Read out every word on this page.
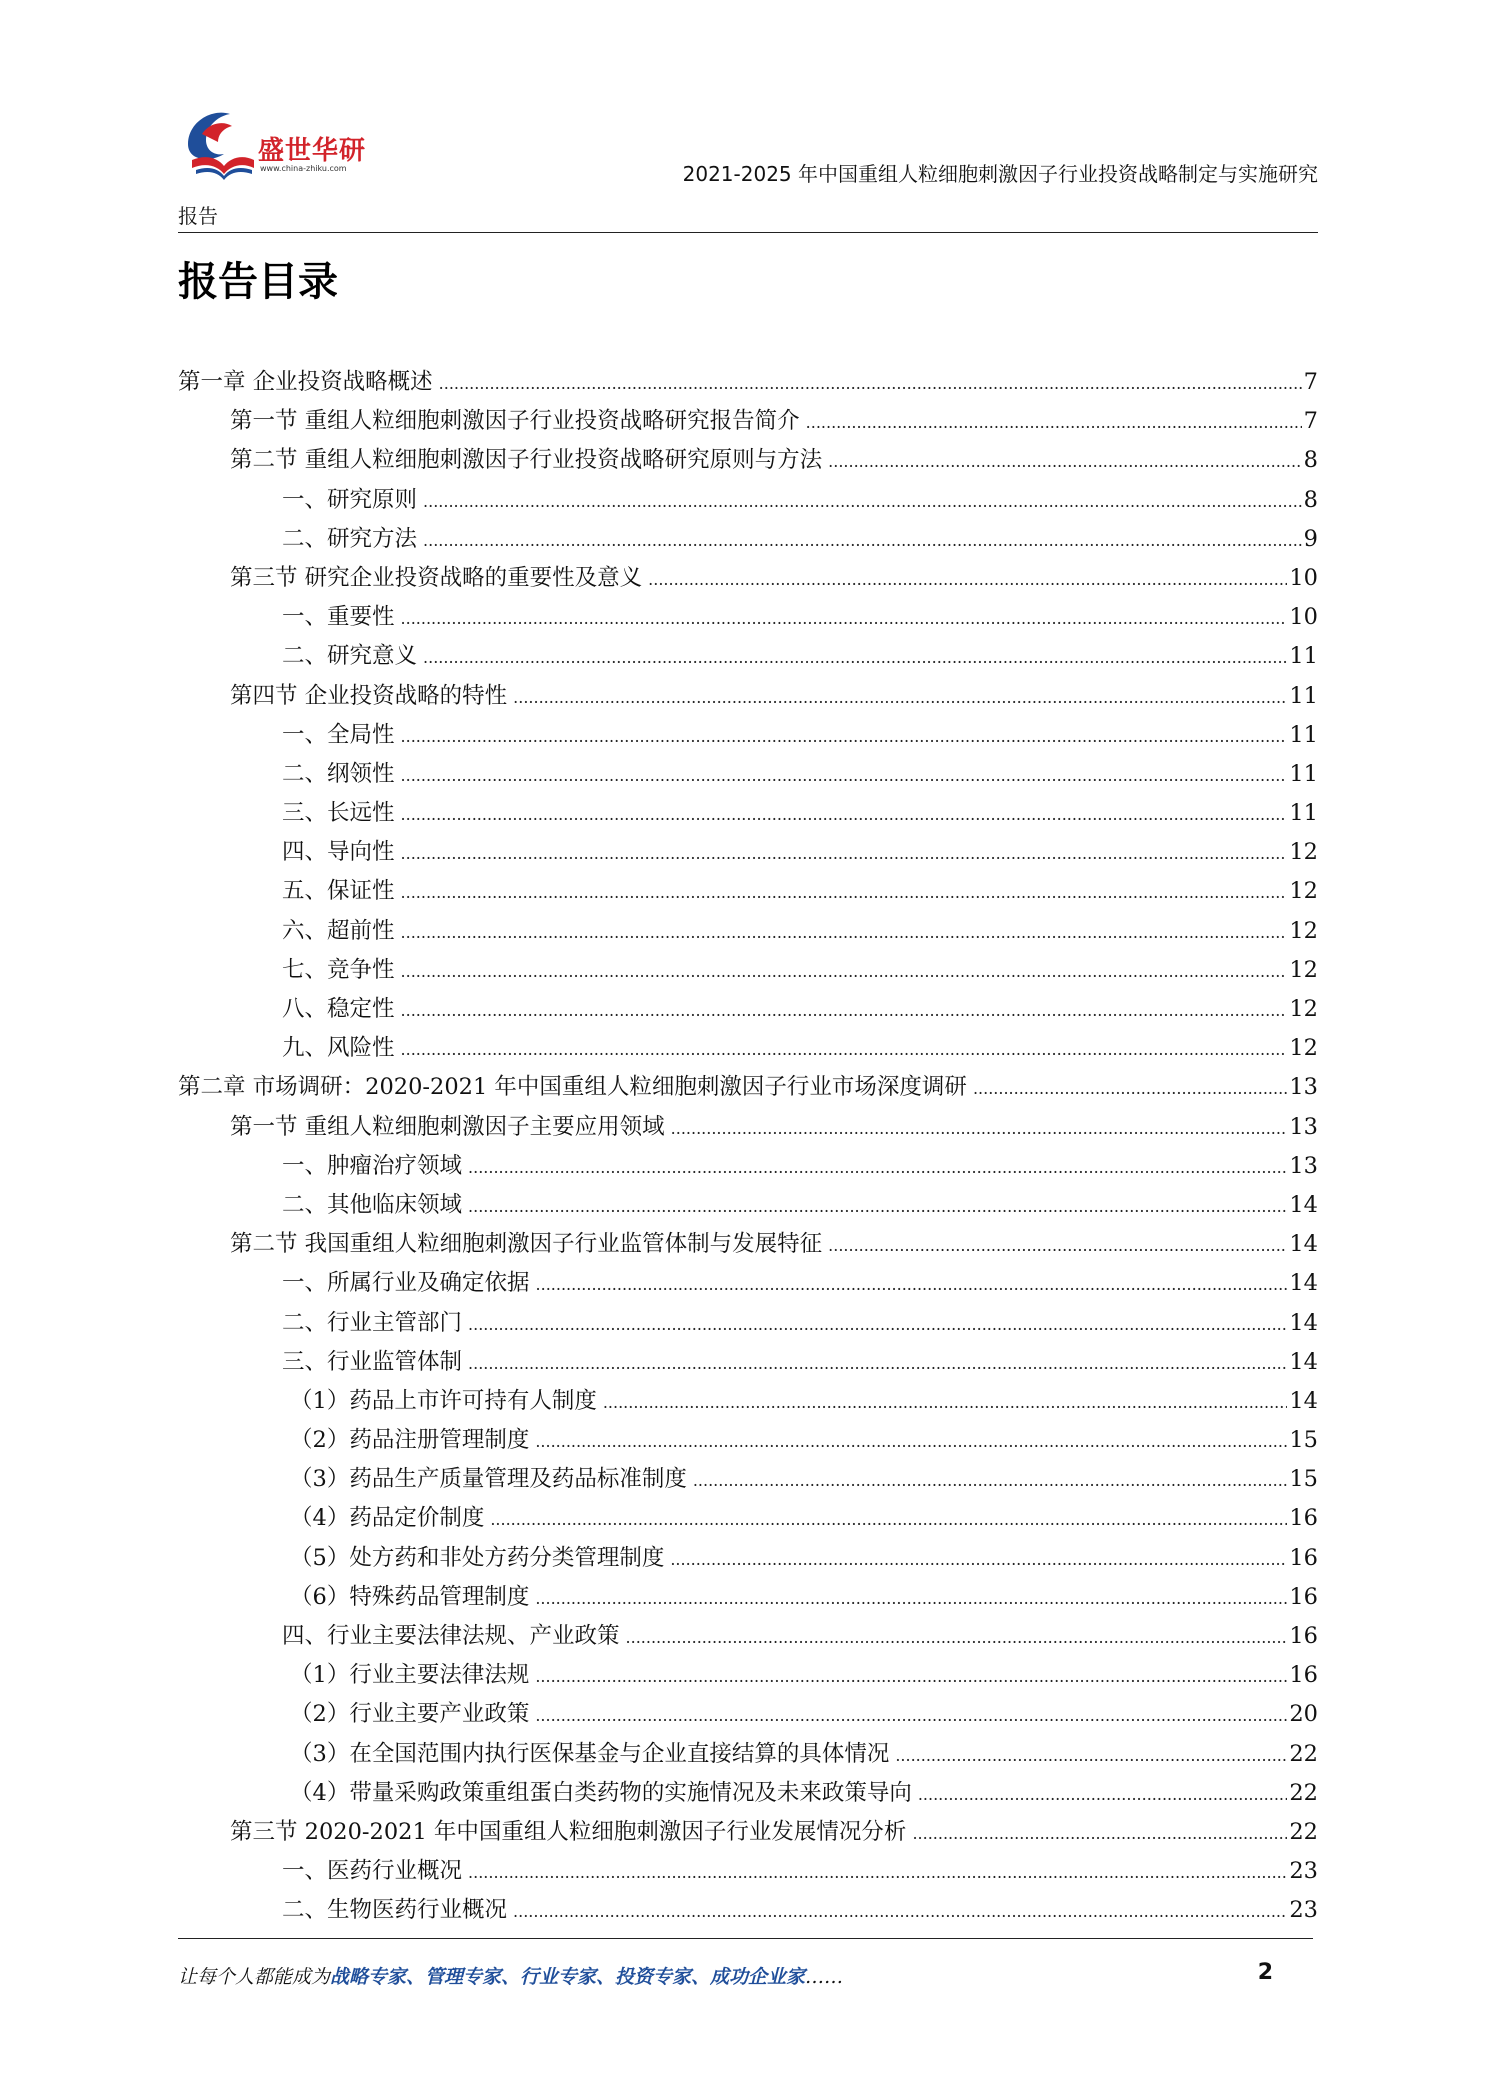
盛世华研
www.china-zhiku.com	2021-2025 年中国重组人粒细胞刺激因子行业投资战略制定与实施研究
报告
报告目录
第一章 企业投资战略概述 .....	7
第一节 重组人粒细胞刺激因子行业投资战略研究报告简介 .....	7
第二节 重组人粒细胞刺激因子行业投资战略研究原则与方法 .....	8
一、研究原则 .....	8
二、研究方法 .....	9
第三节 研究企业投资战略的重要性及意义 .....	10
一、重要性 .....	10
二、研究意义 .....	11
第四节 企业投资战略的特性 .....	11
一、全局性 .....	11
二、纲领性 .....	11
三、长远性 .....	11
四、导向性 .....	12
五、保证性 .....	12
六、超前性 .....	12
七、竞争性 .....	12
八、稳定性 .....	12
九、风险性 .....	12
第二章 市场调研：2020-2021 年中国重组人粒细胞刺激因子行业市场深度调研 .....	13
第一节 重组人粒细胞刺激因子主要应用领域 .....	13
一、肿瘤治疗领域 .....	13
二、其他临床领域 .....	14
第二节 我国重组人粒细胞刺激因子行业监管体制与发展特征 .....	14
一、所属行业及确定依据 .....	14
二、行业主管部门 .....	14
三、行业监管体制 .....	14
（1）药品上市许可持有人制度 .....	14
（2）药品注册管理制度 .....	15
（3）药品生产质量管理及药品标准制度 .....	15
（4）药品定价制度 .....	16
（5）处方药和非处方药分类管理制度 .....	16
（6）特殊药品管理制度 .....	16
四、行业主要法律法规、产业政策 .....	16
（1）行业主要法律法规 .....	16
（2）行业主要产业政策 .....	20
（3）在全国范围内执行医保基金与企业直接结算的具体情况 .....	22
（4）带量采购政策重组蛋白类药物的实施情况及未来政策导向 .....	22
第三节 2020-2021 年中国重组人粒细胞刺激因子行业发展情况分析 .....	22
一、医药行业概况 .....	23
二、生物医药行业概况 .....	23
让每个人都能成为战略专家、管理专家、行业专家、投资专家、成功企业家……	2
